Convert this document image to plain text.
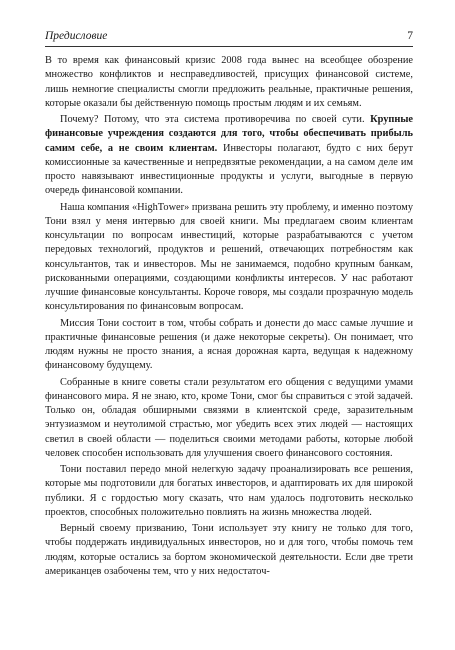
Предисловие	7

В то время как финансовый кризис 2008 года вынес на всеобщее обозрение множество конфликтов и несправедливостей, присущих финансовой системе, лишь немногие специалисты смогли предложить реальные, практичные решения, которые оказали бы действенную помощь простым людям и их семьям.

Почему? Потому, что эта система противоречива по своей сути. Крупные финансовые учреждения создаются для того, чтобы обеспечивать прибыль самим себе, а не своим клиентам. Инвесторы полагают, будто с них берут комиссионные за качественные и непредвзятые рекомендации, а на самом деле им просто навязывают инвестиционные продукты и услуги, выгодные в первую очередь финансовой компании.

Наша компания «HighTower» призвана решить эту проблему, и именно поэтому Тони взял у меня интервью для своей книги. Мы предлагаем своим клиентам консультации по вопросам инвестиций, которые разрабатываются с учетом передовых технологий, продуктов и решений, отвечающих потребностям как консультантов, так и инвесторов. Мы не занимаемся, подобно крупным банкам, рискованными операциями, создающими конфликты интересов. У нас работают лучшие финансовые консультанты. Короче говоря, мы создали прозрачную модель консультирования по финансовым вопросам.

Миссия Тони состоит в том, чтобы собрать и донести до масс самые лучшие и практичные финансовые решения (и даже некоторые секреты). Он понимает, что людям нужны не просто знания, а ясная дорожная карта, ведущая к надежному финансовому будущему.

Собранные в книге советы стали результатом его общения с ведущими умами финансового мира. Я не знаю, кто, кроме Тони, смог бы справиться с этой задачей. Только он, обладая обширными связями в клиентской среде, заразительным энтузиазмом и неутолимой страстью, мог убедить всех этих людей — настоящих светил в своей области — поделиться своими методами работы, которые любой человек способен использовать для улучшения своего финансового состояния.

Тони поставил передо мной нелегкую задачу проанализировать все решения, которые мы подготовили для богатых инвесторов, и адаптировать их для широкой публики. Я с гордостью могу сказать, что нам удалось подготовить несколько проектов, способных положительно повлиять на жизнь множества людей.

Верный своему призванию, Тони использует эту книгу не только для того, чтобы поддержать индивидуальных инвесторов, но и для того, чтобы помочь тем людям, которые остались за бортом экономической деятельности. Если две трети американцев озабочены тем, что у них недостаточ-
